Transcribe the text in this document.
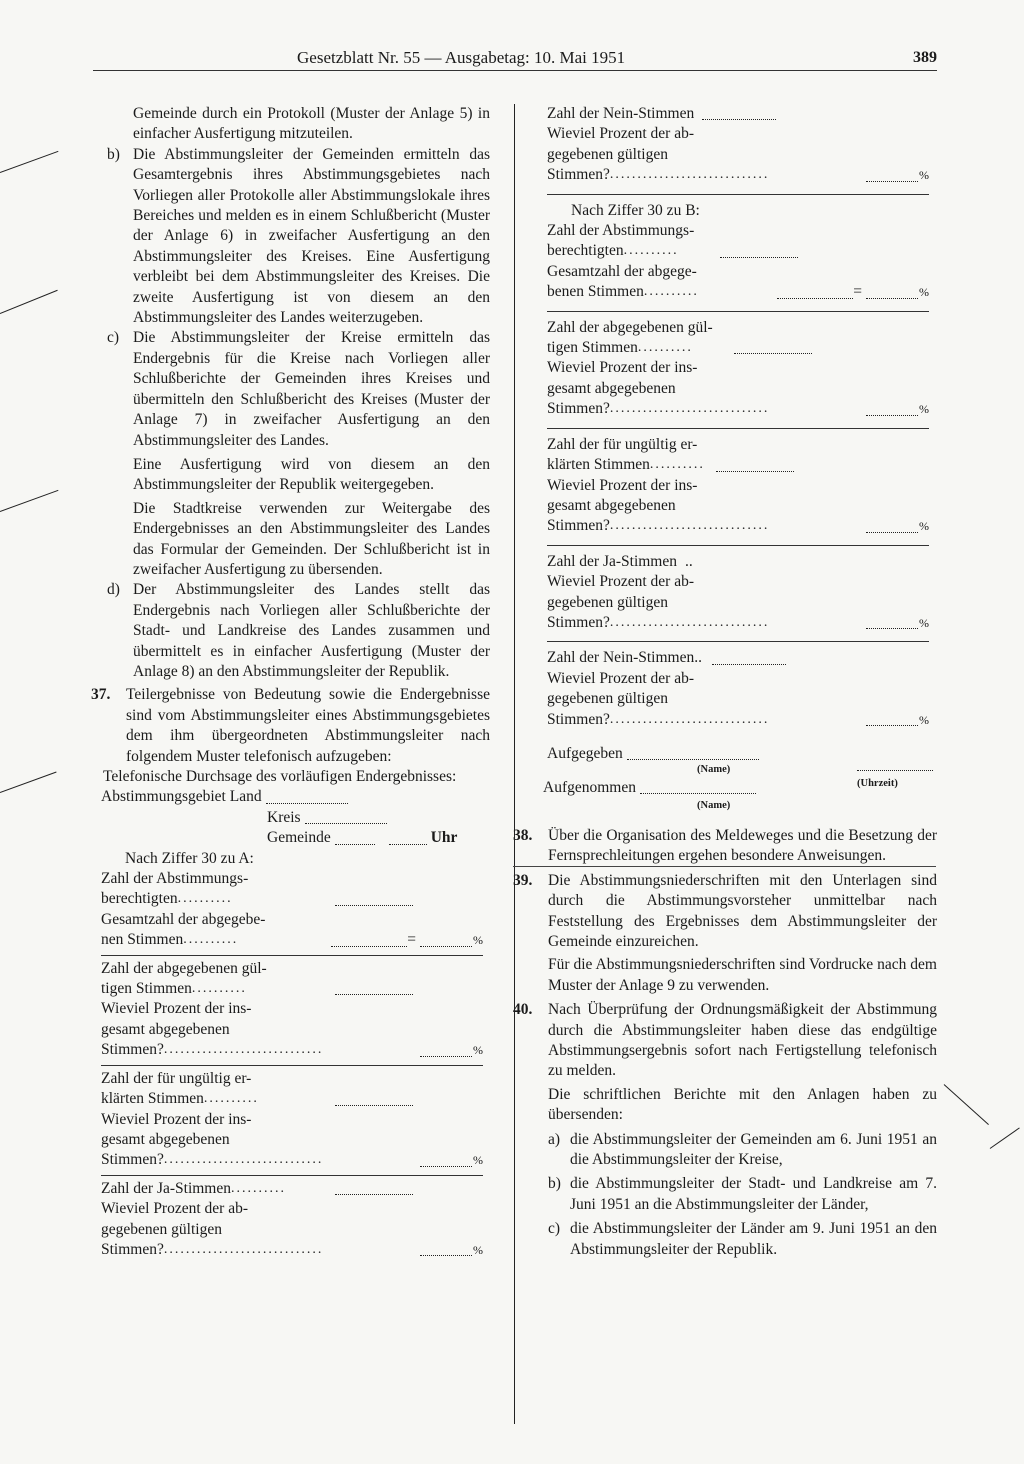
Gesetzblatt Nr. 55 — Ausgabetag: 10. Mai 1951	389

Gemeinde durch ein Protokoll (Muster der Anlage 5) in einfacher Ausfertigung mitzuteilen.

b) Die Abstimmungsleiter der Gemeinden ermitteln das Gesamtergebnis ihres Abstimmungsgebietes nach Vorliegen aller Protokolle aller Abstimmungslokale ihres Bereiches und melden es in einem Schlußbericht (Muster der Anlage 6) in zweifacher Ausfertigung an den Abstimmungsleiter des Kreises. Eine Ausfertigung verbleibt bei dem Abstimmungsleiter des Kreises. Die zweite Ausfertigung ist von diesem an den Abstimmungsleiter des Landes weiterzugeben.
c) Die Abstimmungsleiter der Kreise ermitteln das Endergebnis für die Kreise nach Vorliegen aller Schlußberichte der Gemeinden ihres Kreises und übermitteln den Schlußbericht des Kreises (Muster der Anlage 7) in zweifacher Ausfertigung an den Abstimmungsleiter des Landes.

Eine Ausfertigung wird von diesem an den Abstimmungsleiter der Republik weitergegeben.

Die Stadtkreise verwenden zur Weitergabe des Endergebnisses an den Abstimmungsleiter des Landes das Formular der Gemeinden. Der Schlußbericht ist in zweifacher Ausfertigung zu übersenden.

d) Der Abstimmungsleiter des Landes stellt das Endergebnis nach Vorliegen aller Schlußberichte der Stadt- und Landkreise des Landes zusammen und übermittelt es in einfacher Ausfertigung (Muster der Anlage 8) an den Abstimmungsleiter der Republik.
37. Teilergebnisse von Bedeutung sowie die Endergebnisse sind vom Abstimmungsleiter eines Abstimmungsgebietes dem ihm übergeordneten Abstimmungsleiter nach folgendem Muster telefonisch aufzugeben:

Telefonische Durchsage des vorläufigen Endergebnisses:

Abstimmungsgebiet Land
Kreis
Gemeinde	Uhr
Nach Ziffer 30 zu A:
Zahl der Abstimmungs-
berechtigten ..........
Gesamtzahl der abgegebe-
nen Stimmen ..........	=	%
Zahl der abgegebenen gül-
tigen Stimmen ..........
Wieviel Prozent der ins-
gesamt abgegebenen
Stimmen? .............................	%
Zahl der für ungültig er-
klärten Stimmen ..........
Wieviel Prozent der ins-
gesamt abgegebenen
Stimmen? .............................	%
Zahl der Ja-Stimmen ..........
Wieviel Prozent der ab-
gegebenen gültigen
Stimmen? .............................	%
Zahl der Nein-Stimmen
Wieviel Prozent der ab-
gegebenen gültigen
Stimmen? .............................	%
Nach Ziffer 30 zu B:
Zahl der Abstimmungs-
berechtigten ..........
Gesamtzahl der abgege-
benen Stimmen ..........	=	%
Zahl der abgegebenen gül-
tigen Stimmen ..........
Wieviel Prozent der ins-
gesamt abgegebenen
Stimmen? .............................	%
Zahl der für ungültig er-
klärten Stimmen ..........
Wieviel Prozent der ins-
gesamt abgegebenen
Stimmen? .............................	%
Zahl der Ja-Stimmen ..
Wieviel Prozent der ab-
gegebenen gültigen
Stimmen? .............................	%
Zahl der Nein-Stimmen ..
Wieviel Prozent der ab-
gegebenen gültigen
Stimmen? .............................	%
Aufgegeben
(Name)
(Uhrzeit)
Aufgenommen
(Name)
38. Über die Organisation des Meldeweges und die Besetzung der Fernsprechleitungen ergehen besondere Anweisungen.
39. Die Abstimmungsniederschriften mit den Unterlagen sind durch die Abstimmungsvorsteher unmittelbar nach Feststellung des Ergebnisses dem Abstimmungsleiter der Gemeinde einzureichen.

Für die Abstimmungsniederschriften sind Vordrucke nach dem Muster der Anlage 9 zu verwenden.

40. Nach Überprüfung der Ordnungsmäßigkeit der Abstimmung durch die Abstimmungsleiter haben diese das endgültige Abstimmungsergebnis sofort nach Fertigstellung telefonisch zu melden.

Die schriftlichen Berichte mit den Anlagen haben zu übersenden:

a) die Abstimmungsleiter der Gemeinden am 6. Juni 1951 an die Abstimmungsleiter der Kreise,
b) die Abstimmungsleiter der Stadt- und Landkreise am 7. Juni 1951 an die Abstimmungsleiter der Länder,
c) die Abstimmungsleiter der Länder am 9. Juni 1951 an den Abstimmungsleiter der Republik.
